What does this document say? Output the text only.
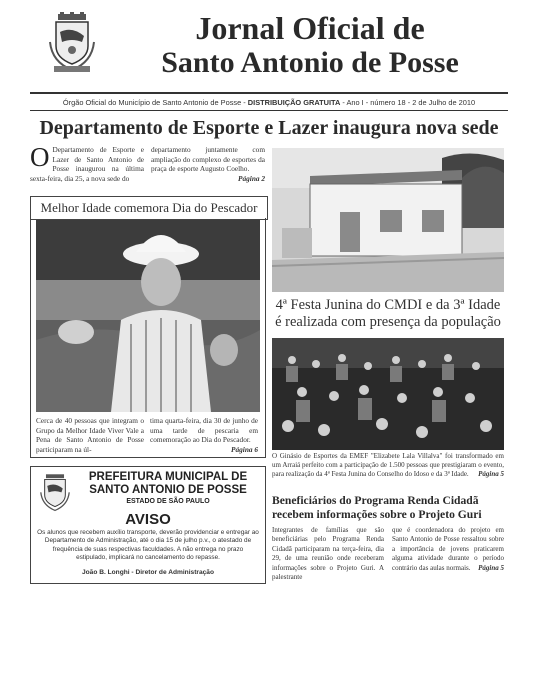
Jornal Oficial de
Santo Antonio de Posse
Órgão Oficial do Município de Santo Antonio de Posse - DISTRIBUIÇÃO GRATUITA - Ano I - número 18 - 2 de Julho de 2010
Departamento de Esporte e Lazer inaugura nova sede
O Departamento de Esporte e Lazer de Santo Antonio de Posse inaugurou na última sexta-feira, dia 25, a nova sede do
departamento juntamente com ampliação do complexo de esportes da praça de esporte Augusto Coelho.
Página 2
Melhor Idade comemora Dia do Pescador
Cerca de 40 pessoas que integram o Grupo da Melhor Idade Viver Vale a Pena de Santo Antonio de Posse participaram na úl-
tima quarta-feira, dia 30 de junho de uma tarde de pescaria em comemoração ao Dia do Pescador.
Página 6
4ª Festa Junina do CMDI e da 3ª Idade
é realizada com presença da população
O Ginásio de Esportes da EMEF "Elizabete Lala Villalva" foi transformado em um Arraiá perfeito com a participação de 1.500 pessoas que prestigiaram o evento, para realização da 4ª Festa Junina do Conselho do Idoso e da 3ª Idade. Página 5
PREFEITURA MUNICIPAL DE
SANTO ANTONIO DE POSSE
ESTADO DE SÃO PAULO
AVISO
Os alunos que recebem auxílio transporte, deverão providenciar e entregar ao Departamento de Administração, até o dia 15 de julho p.v., o atestado de frequência de suas respectivas faculdades. A não entrega no prazo estipulado, implicará no cancelamento do repasse.
João B. Longhi - Diretor de Administração
Beneficiários do Programa Renda Cidadã
recebem informações sobre o Projeto Guri
Integrantes de famílias que são beneficiárias pelo Programa Renda Cidadã participaram na terça-feira, dia 29, de uma reunião onde receberam informações sobre o Projeto Guri. A palestrante
que é coordenadora do projeto em Santo Antonio de Posse ressaltou sobre a importância de jovens praticarem alguma atividade durante o período contrário das aulas normais. Página 5
